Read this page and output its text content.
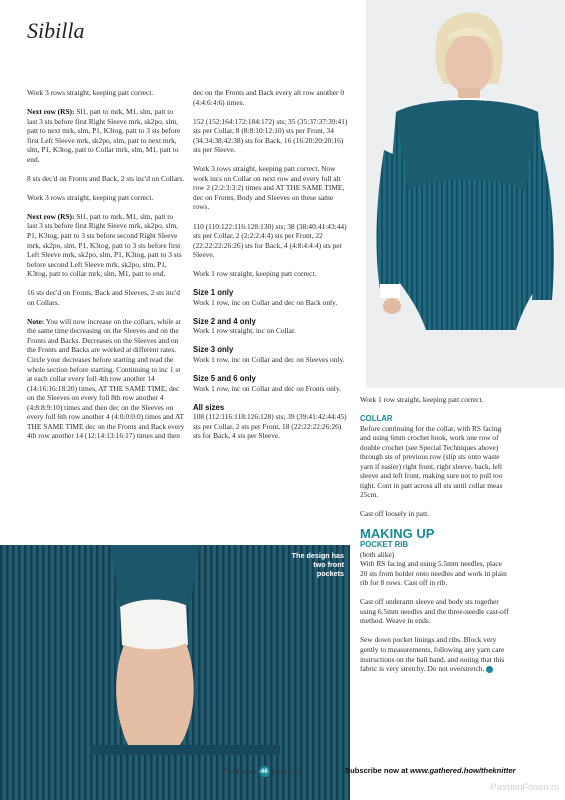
Sibilla

Work 3 rows straight, keeping patt correct.

Next row (RS): Sl1, patt to mrk, M1, slm, patt to last 3 sts before first Right Sleeve mrk, sk2po, slm, patt to next mrk, slm, P1, K3tog, patt to 3 sts before first Left Sleeve mrk, sk2po, slm, patt to next mrk, slm, P1, K3tog, patt to Collar mrk, slm, M1, patt to end.

8 sts dec'd on Fronts and Back, 2 sts inc'd on Collars.

Work 3 rows straight, keeping patt correct.

Next row (RS): Sl1, patt to mrk, M1, slm, patt to last 3 sts before first Right Sleeve mrk, sk2po, slm, P1, K3tog, patt to 3 sts before second Right Sleeve mrk, sk2po, slm, P1, K3tog, patt to 3 sts before first Left Sleeve mrk, sk2po, slm, P1, K3tog, patt to 3 sts before second Left Sleeve mrk, sk2po, slm, P1, K3tog, patt to collar mrk, slm, M1, patt to end.

16 sts dec'd on Fronts, Back and Sleeves, 2 sts inc'd on Collars.

Note: You will now increase on the collars, while at the same time decreasing on the Sleeves and on the Fronts and Backs. Decreases on the Sleeves and on the Fronts and Backs are worked at different rates. Circle your decreases before starting and read the whole section before starting. Continuing to inc 1 st at each collar every foll 4th row another 14 (14:16:16:18:20) times, AT THE SAME TIME, dec on the Sleeves on every foll 8th row another 4 (4:8:8:9:10) times and then dec on the Sleeves on every foll 6th row another 4 (4:0:0:0:0) times and AT THE SAME TIME dec on the Fronts and Back every 4th row another 14 (12:14:13:16:17) times and then

dec on the Fronts and Back every alt row another 0 (4:4:6:4:6) times.

152 (152:164:172:184:172) sts; 35 (35:37:37:39:41) sts per Collar, 8 (8:8:10:12:10) sts per Front, 34 (34:34:38:42:38) sts for Back, 16 (16:20:20:20:16) sts per Sleeve.

Work 3 rows straight, keeping patt correct. Now work incs on Collar on next row and every foll alt row 2 (2:2:3:3:2) times and AT THE SAME TIME, dec on Fronts, Body and Sleeves on these same rows.

110 (110:122:116:128:130) sts; 38 (38:40:41:43:44) sts per Collar, 2 (2:2:2:4:4) sts per Front, 22 (22:22:22:26:26) sts for Back, 4 (4:8:4:4:4) sts per Sleeve.

Work 1 row straight, keeping patt correct.

Size 1 only

Work 1 row, inc on Collar and dec on Back only.

Size 2 and 4 only

Work 1 row straight, inc on Collar.

Size 3 only

Work 1 row, inc on Collar and dec on Sleeves only.

Size 5 and 6 only

Work 1 row, inc on Collar and dec on Fronts only.

All sizes

108 (112:116:118:126:128) sts; 39 (39:41:42:44:45) sts per Collar, 2 sts per Front, 18 (22:22:22:26:26) sts for Back, 4 sts per Sleeve.

The design has two front pockets

Work 1 row straight, keeping patt correct.

COLLAR

Before continuing for the collar, with RS facing and using 6mm crochet hook, work one row of double crochet (see Special Techniques above) through sts of previous row (slip sts onto waste yarn if easier) right front, right sleeve, back, left sleeve and left front, making sure not to pull too tight. Cont in patt across all sts until collar meas 25cm.

Cast off loosely in patt.

MAKING UP
POCKET RIB

(both alike)

With RS facing and using 5.5mm needles, place 20 sts from holder onto needles and work in plain rib for 8 rows. Cast off in rib.

Cast off underarm sleeve and body sts together using 6.5mm needles and the three-needle cast-off method. Weave in ends.

Sew down pocket linings and ribs. Block very gently to measurements, following any yarn care instructions on the ball band, and noting that this fabric is very stretchy. Do not overstretch.

The Knitter 46 Issue 212	Subscribe now at www.gathered.how/theknitter
PassionForum.ru
